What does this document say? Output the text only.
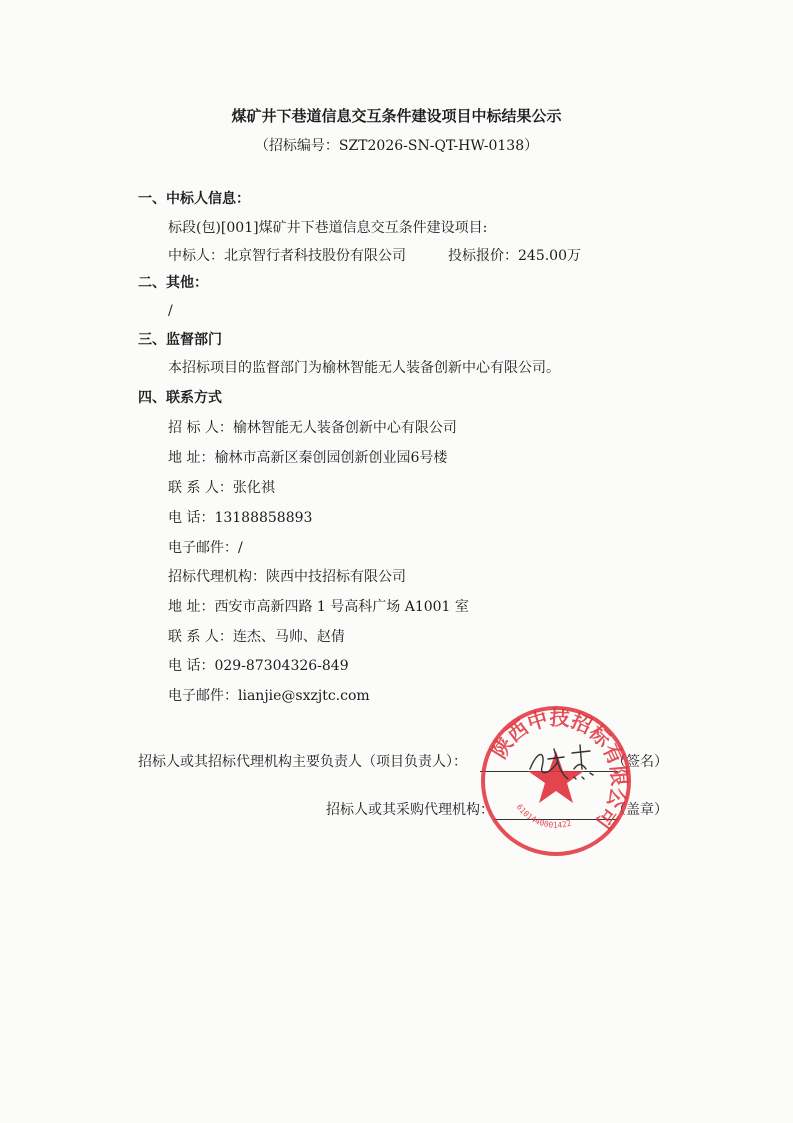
煤矿井下巷道信息交互条件建设项目中标结果公示
（招标编号：SZT2026-SN-QT-HW-0138）
一、中标人信息：
标段(包)[001]煤矿井下巷道信息交互条件建设项目:
中标人：北京智行者科技股份有限公司	投标报价：245.00万
二、其他：
/
三、监督部门
本招标项目的监督部门为榆林智能无人装备创新中心有限公司。
四、联系方式
招 标 人：榆林智能无人装备创新中心有限公司
地 址：榆林市高新区秦创园创新创业园6号楼
联 系 人：张化祺
电 话：13188858893
电子邮件：/
招标代理机构：陕西中技招标有限公司
地 址：西安市高新四路 1 号高科广场 A1001 室
联 系 人：连杰、马帅、赵倩
电 话：029-87304326-849
电子邮件：lianjie@sxzjtc.com
招标人或其招标代理机构主要负责人（项目负责人）：	（签名）
招标人或其采购代理机构：	（盖章）
陕西中技招标有限公司
6101440001422
